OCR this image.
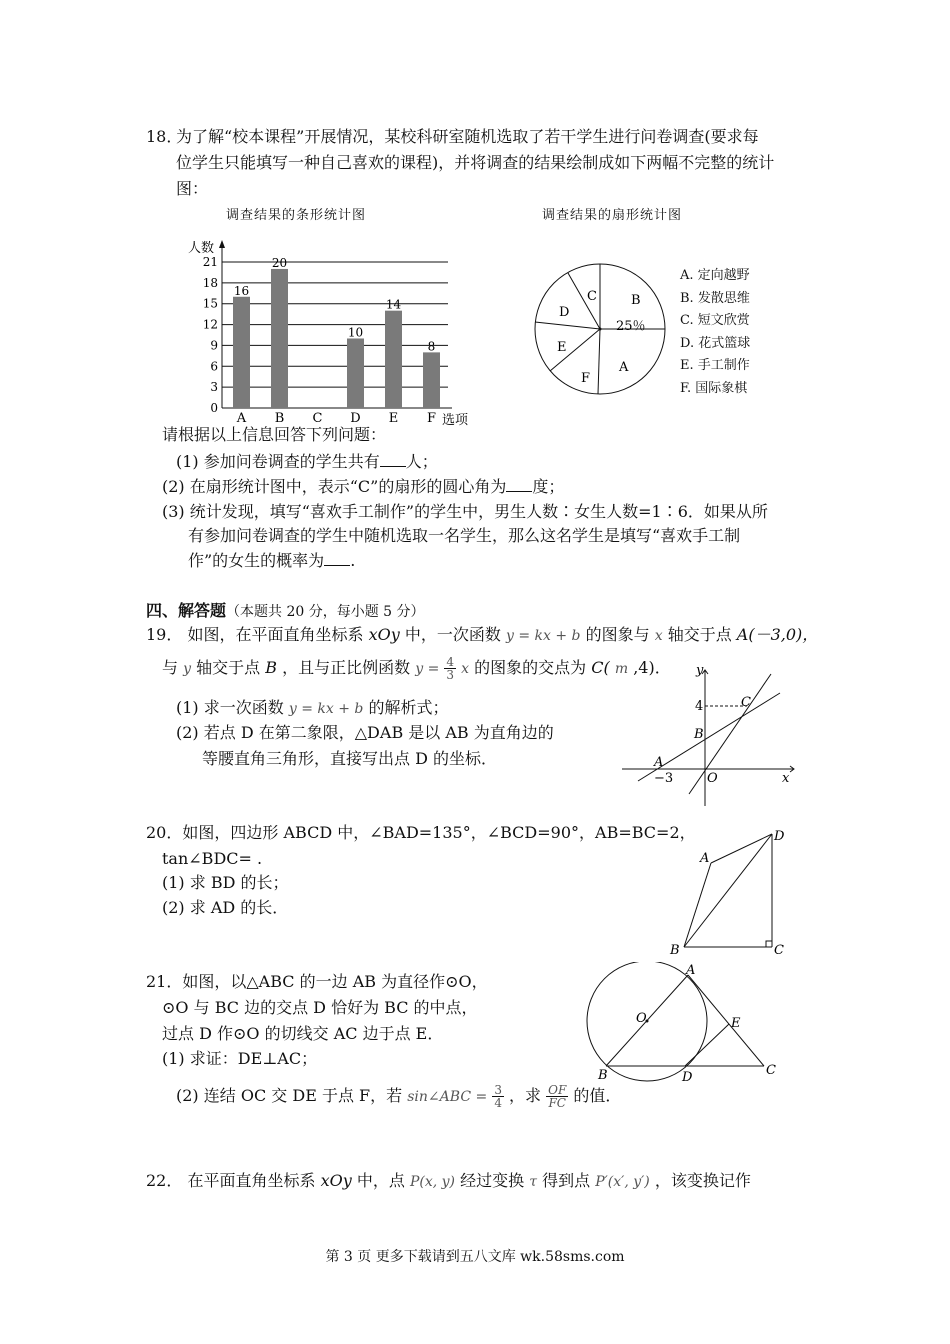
18．
为了解“校本课程”开展情况，某校科研室随机选取了若干学生进行问卷调查(要求每
位学生只能填写一种自己喜欢的课程)，并将调查的结果绘制成如下两幅不完整的统计
图：
调查结果的条形统计图	调查结果的扇形统计图
0
3
6
9
12
15
18
21
人数
选项
16
A
20
B C
10
D
14
E
8
F
B
25％
A
F
E
D
C
A. 定向越野
B. 发散思维
C. 短文欣赏
D. 花式篮球
E. 手工制作
F. 国际象棋
请根据以上信息回答下列问题：
(1) 参加问卷调查的学生共有 人；
(2) 在扇形统计图中，表示“C”的扇形的圆心角为 度；
(3) 统计发现，填写“喜欢手工制作”的学生中，男生人数∶女生人数=1∶6．如果从所
有参加问卷调查的学生中随机选取一名学生，那么这名学生是填写“喜欢手工制
作”的女生的概率为 .
四、解答题（本题共 20 分，每小题 5 分）
19． 如图，在平面直角坐标系 xOy 中，一次函数 y = kx + b 的图象与 x 轴交于点 A(－3,0)，
与 y 轴交于点 B ，且与正比例函数 $y = \frac{4}{3}$ x 的图象的交点为 C( m ,4)．
(1) 求一次函数 y = kx + b 的解析式；
(2) 若点 D 在第二象限，△DAB 是以 AB 为直角边的
等腰直角三角形，直接写出点 D 的坐标．
y
4	C
B
A
−3	O	x
20．如图，四边形 ABCD 中，∠BAD=135°，∠BCD=90°，AB=BC=2，
tan∠BDC= .
(1) 求 BD 的长；
(2) 求 AD 的长．
A
B	C
D
21．如图，以△ABC 的一边 AB 为直径作⊙O，
⊙O 与 BC 边的交点 D 恰好为 BC 的中点，
过点 D 作⊙O 的切线交 AC 边于点 E．
(1) 求证：DE⊥AC；
(2) 连结 OC 交 DE 于点 F，若 sin∠ABC = $\frac{3}{4}$ ，求 $\frac{OF}{FC}$ 的值．
A
O	E
B	D	C
22． 在平面直角坐标系 xOy 中，点 P(x, y) 经过变换 τ 得到点 P′(x′, y′) ，该变换记作
第 3 页 更多下载请到五八文库 wk.58sms.com
